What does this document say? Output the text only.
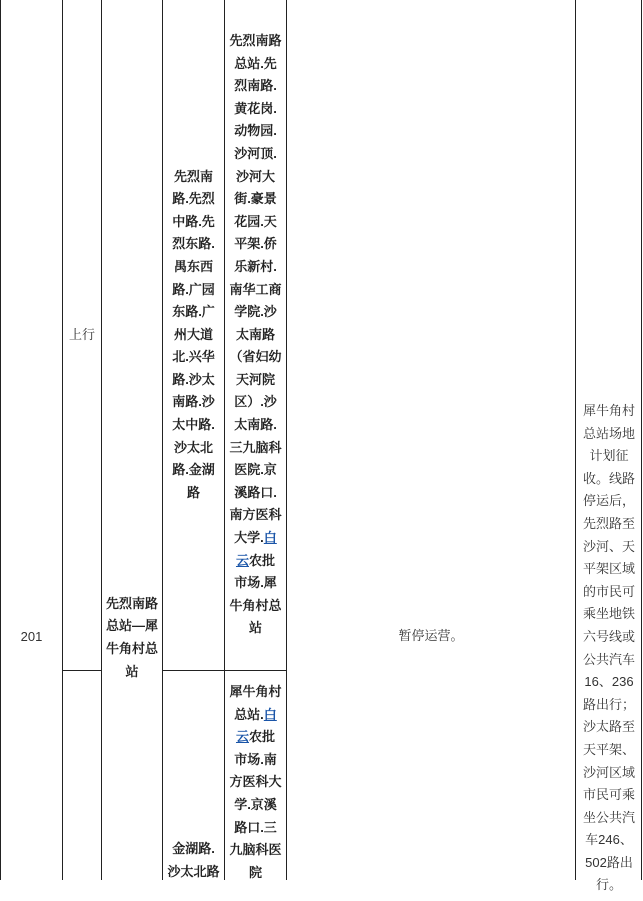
201
上行
先烈南路总站—犀牛角村总站
先烈南路.先烈中路.先烈东路.禺东西路.广园东路.广州大道北.兴华路.沙太南路.沙太中路.沙太北路.金湖路
先烈南路总站.先烈南路.黄花岗.动物园.沙河顶.沙河大街.豪景花园.天平架.侨乐新村.南华工商学院.沙太南路（省妇幼天河院区）.沙太南路.三九脑科医院.京溪路口.南方医科大学.白云农批市场.犀牛角村总站
金湖路.沙太北路
犀牛角村总站.白云农批市场.南方医科大学.京溪路口.三九脑科医院
暂停运营。
犀牛角村总站场地计划征收。线路停运后，先烈路至沙河、天平架区域的市民可乘坐地铁六号线或公共汽车16、236路出行；沙太路至天平架、沙河区域市民可乘坐公共汽车246、502路出行。
